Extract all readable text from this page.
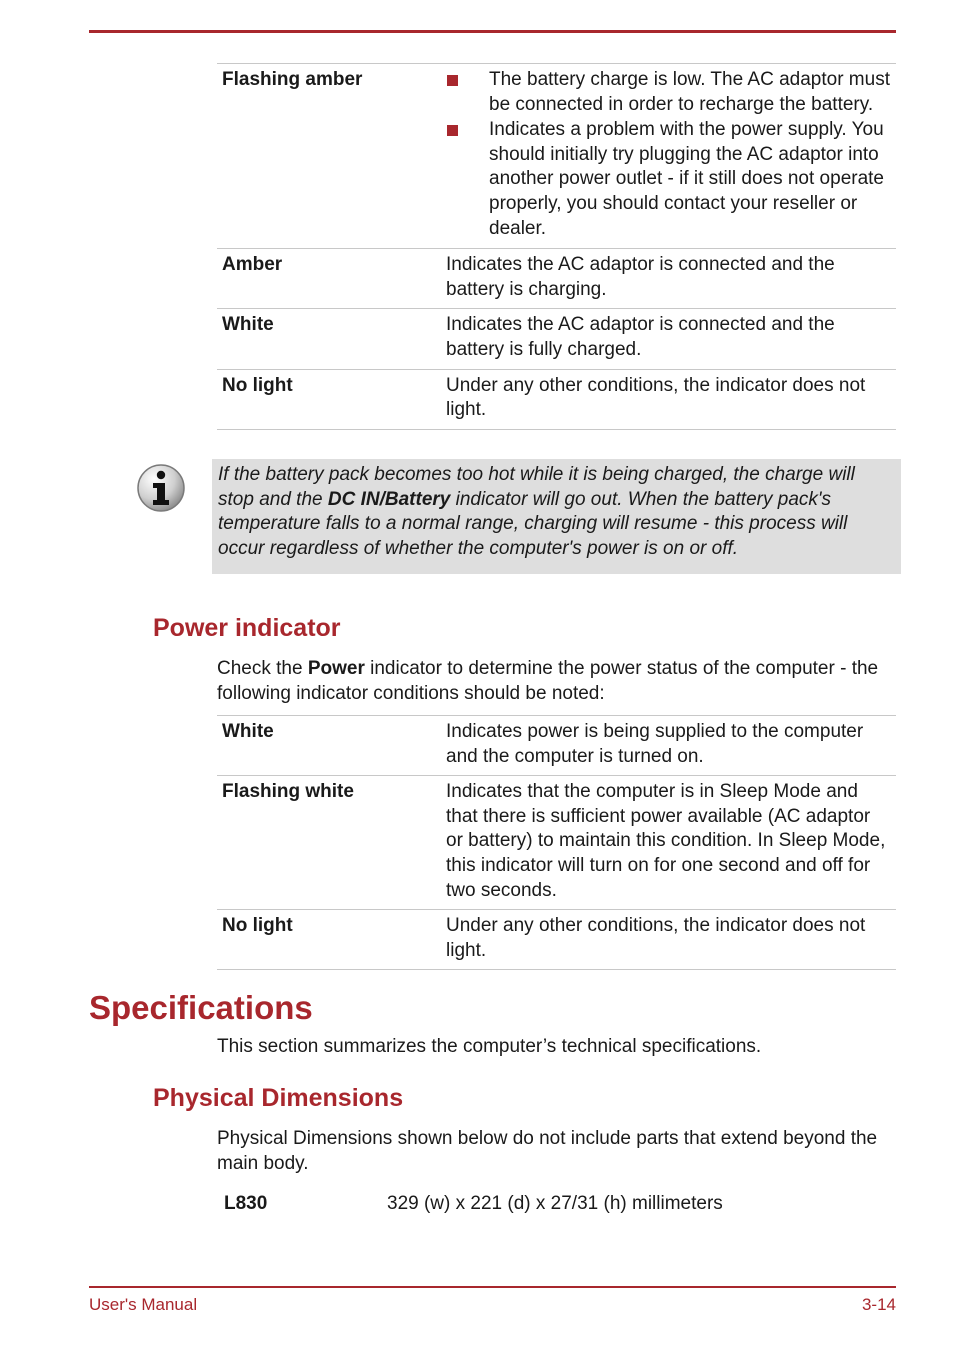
Flashing amber	The battery charge is low. The AC adaptor must be connected in order to recharge the battery.
Indicates a problem with the power supply. You should initially try plugging the AC adaptor into another power outlet - if it still does not operate properly, you should contact your reseller or dealer.
Amber	Indicates the AC adaptor is connected and the battery is charging.
White	Indicates the AC adaptor is connected and the battery is fully charged.
No light	Under any other conditions, the indicator does not light.
If the battery pack becomes too hot while it is being charged, the charge will stop and the DC IN/Battery indicator will go out. When the battery pack's temperature falls to a normal range, charging will resume - this process will occur regardless of whether the computer's power is on or off.
Power indicator
Check the Power indicator to determine the power status of the computer - the following indicator conditions should be noted:
White	Indicates power is being supplied to the computer and the computer is turned on.
Flashing white	Indicates that the computer is in Sleep Mode and that there is sufficient power available (AC adaptor or battery) to maintain this condition. In Sleep Mode, this indicator will turn on for one second and off for two seconds.
No light	Under any other conditions, the indicator does not light.
Specifications
This section summarizes the computer’s technical specifications.
Physical Dimensions
Physical Dimensions shown below do not include parts that extend beyond the main body.
L830	329 (w) x 221 (d) x 27/31 (h) millimeters
User's Manual	3-14
